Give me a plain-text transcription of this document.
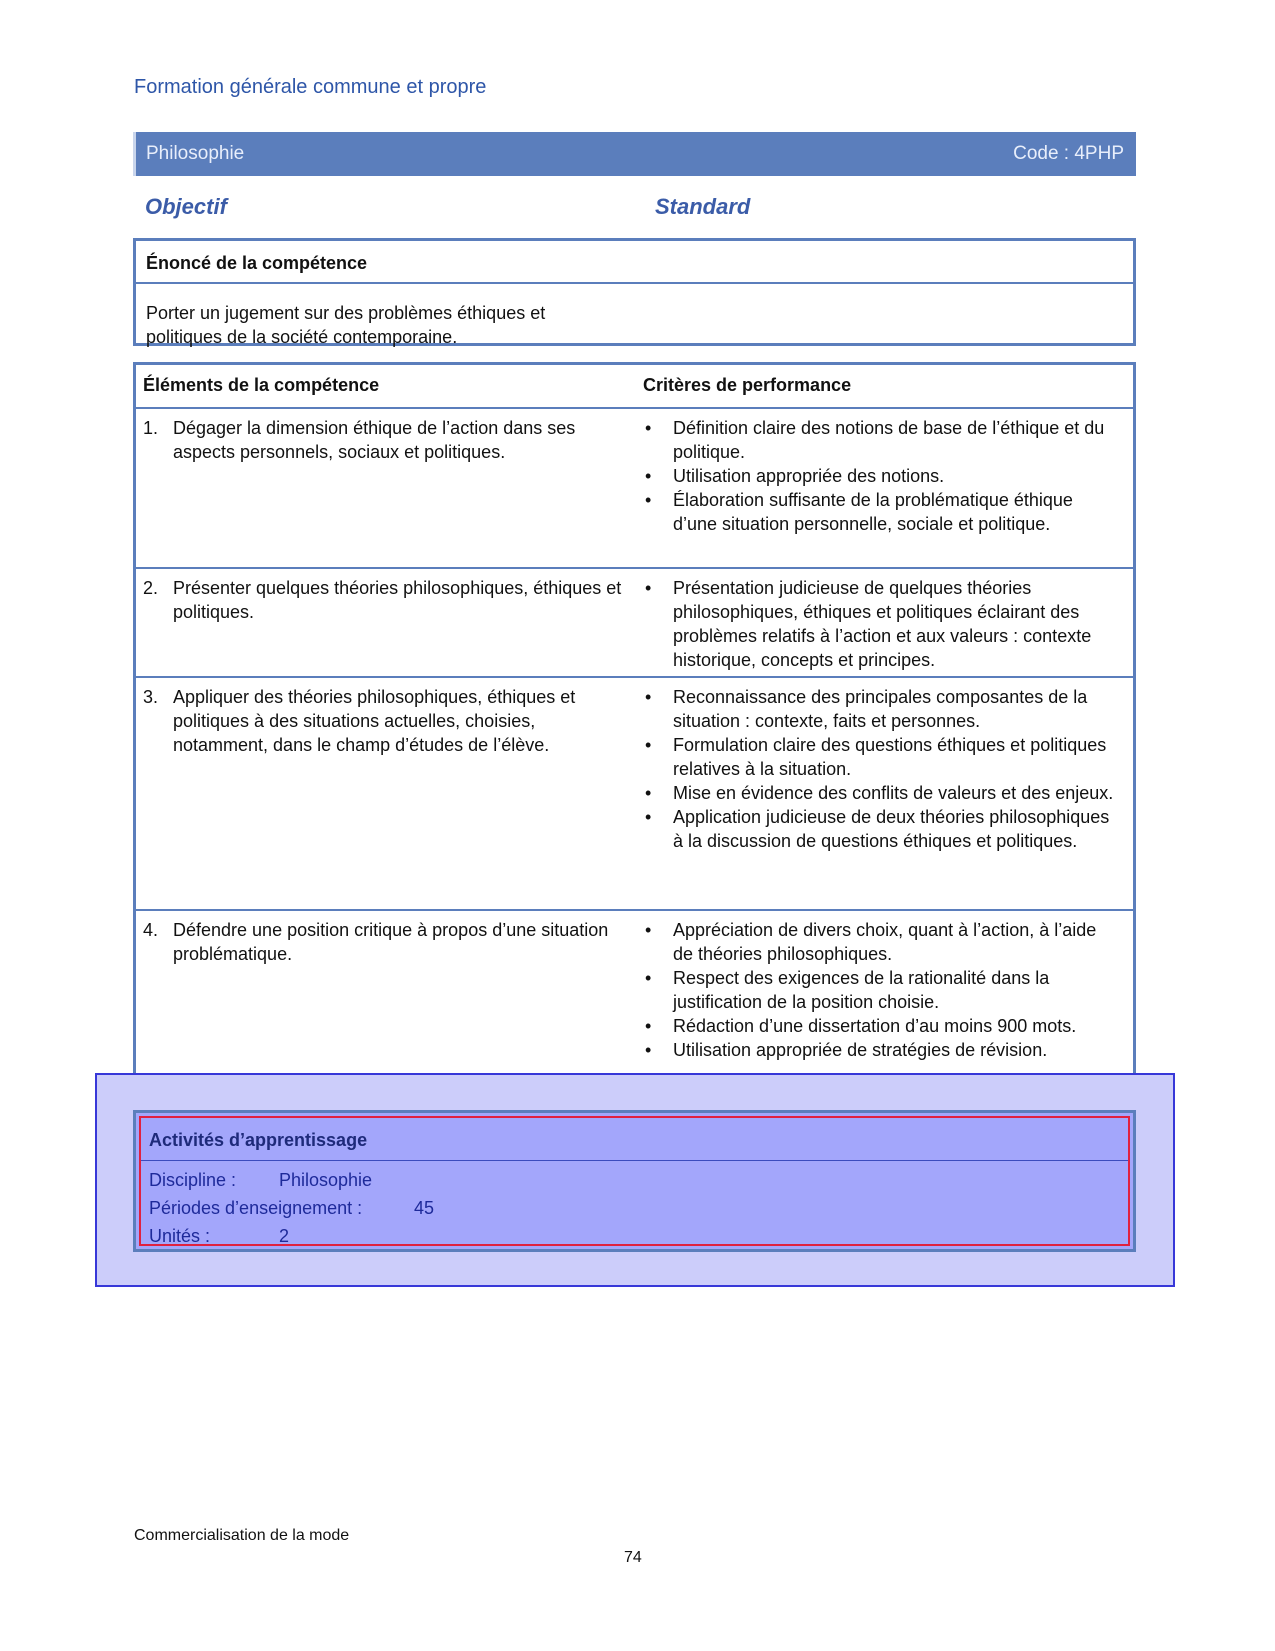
Formation générale commune et propre
Philosophie	Code : 4PHP
Objectif	Standard
Énoncé de la compétence
Porter un jugement sur des problèmes éthiques et politiques de la société contemporaine.
Éléments de la compétence	Critères de performance
1. Dégager la dimension éthique de l’action dans ses aspects personnels, sociaux et politiques.
• Définition claire des notions de base de l’éthique et du politique.
• Utilisation appropriée des notions.
• Élaboration suffisante de la problématique éthique d’une situation personnelle, sociale et politique.
2. Présenter quelques théories philosophiques, éthiques et politiques.
• Présentation judicieuse de quelques théories philosophiques, éthiques et politiques éclairant des problèmes relatifs à l’action et aux valeurs : contexte historique, concepts et principes.
3. Appliquer des théories philosophiques, éthiques et politiques à des situations actuelles, choisies, notamment, dans le champ d’études de l’élève.
• Reconnaissance des principales composantes de la situation : contexte, faits et personnes.
• Formulation claire des questions éthiques et politiques relatives à la situation.
• Mise en évidence des conflits de valeurs et des enjeux.
• Application judicieuse de deux théories philosophiques à la discussion de questions éthiques et politiques.
4. Défendre une position critique à propos d’une situation problématique.
• Appréciation de divers choix, quant à l’action, à l’aide de théories philosophiques.
• Respect des exigences de la rationalité dans la justification de la position choisie.
• Rédaction d’une dissertation d’au moins 900 mots.
• Utilisation appropriée de stratégies de révision.
Activités d’apprentissage
Discipline : Philosophie
Périodes d’enseignement :	45
Unités :	2
Commercialisation de la mode
74
